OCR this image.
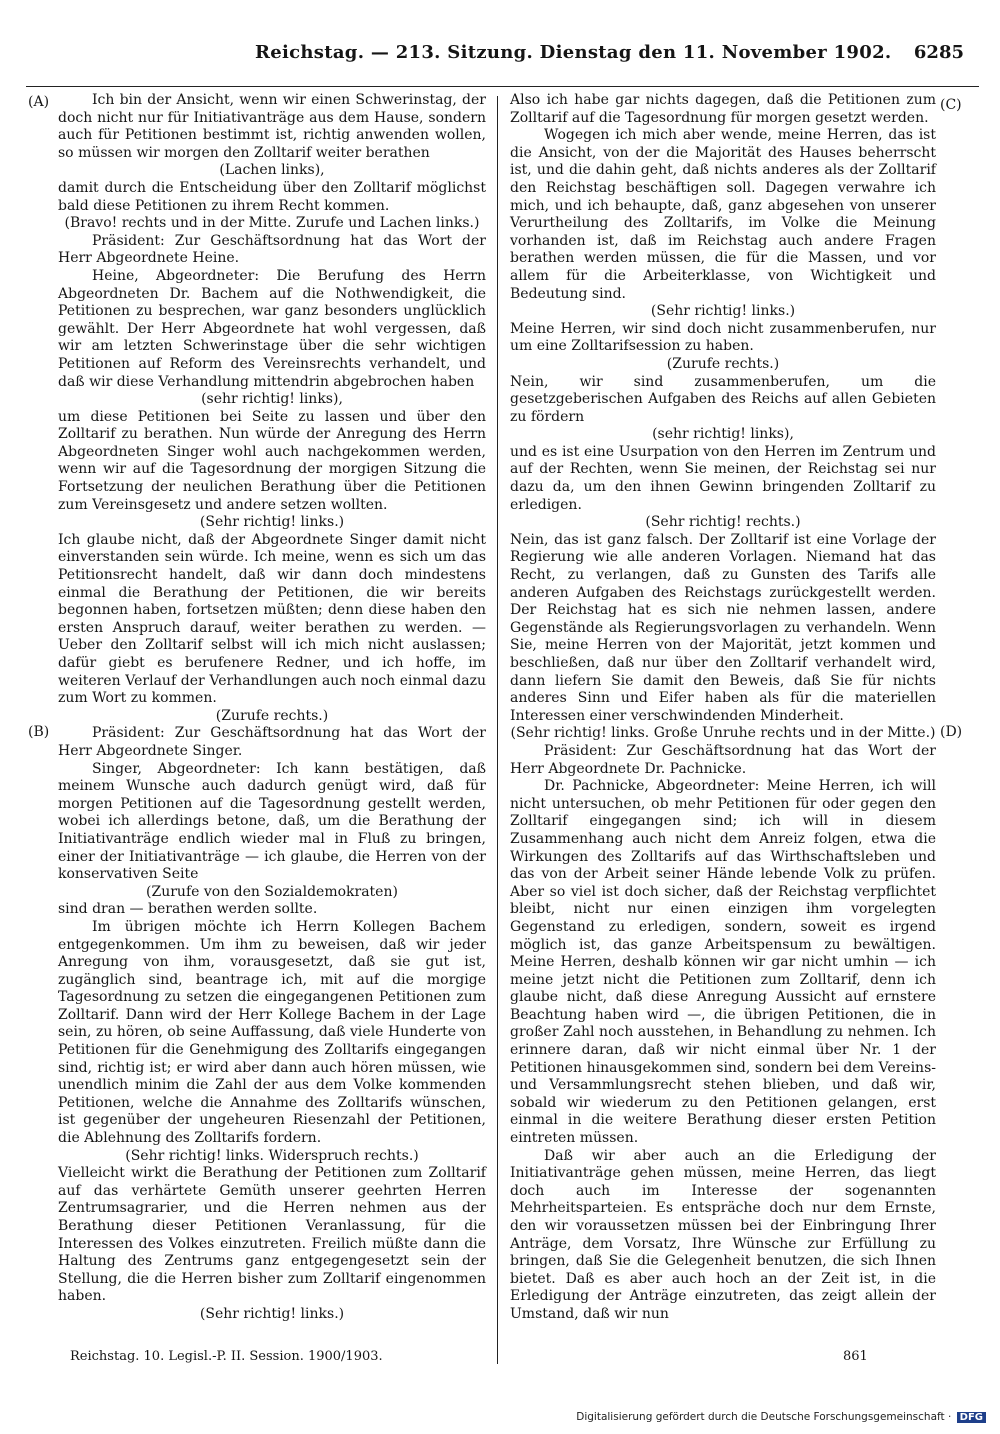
Reichstag. — 213. Sitzung. Dienstag den 11. November 1902. 6285
(A)
(B)
(C)
(D)

Ich bin der Ansicht, wenn wir einen Schwerinstag, der doch nicht nur für Initiativanträge aus dem Hause, sondern auch für Petitionen bestimmt ist, richtig anwenden wollen, so müssen wir morgen den Zolltarif weiter berathen

(Lachen links),

damit durch die Entscheidung über den Zolltarif möglichst bald diese Petitionen zu ihrem Recht kommen.

(Bravo! rechts und in der Mitte. Zurufe und Lachen links.)

Präsident: Zur Geschäftsordnung hat das Wort der Herr Abgeordnete Heine.

Heine, Abgeordneter: Die Berufung des Herrn Abgeordneten Dr. Bachem auf die Nothwendigkeit, die Petitionen zu besprechen, war ganz besonders unglücklich gewählt. Der Herr Abgeordnete hat wohl vergessen, daß wir am letzten Schwerinstage über die sehr wichtigen Petitionen auf Reform des Vereinsrechts verhandelt, und daß wir diese Verhandlung mittendrin abgebrochen haben

(sehr richtig! links),

um diese Petitionen bei Seite zu lassen und über den Zolltarif zu berathen. Nun würde der Anregung des Herrn Abgeordneten Singer wohl auch nachgekommen werden, wenn wir auf die Tagesordnung der morgigen Sitzung die Fortsetzung der neulichen Berathung über die Petitionen zum Vereinsgesetz und andere setzen wollten.

(Sehr richtig! links.)

Ich glaube nicht, daß der Abgeordnete Singer damit nicht einverstanden sein würde. Ich meine, wenn es sich um das Petitionsrecht handelt, daß wir dann doch mindestens einmal die Berathung der Petitionen, die wir bereits begonnen haben, fortsetzen müßten; denn diese haben den ersten Anspruch darauf, weiter berathen zu werden. — Ueber den Zolltarif selbst will ich mich nicht auslassen; dafür giebt es berufenere Redner, und ich hoffe, im weiteren Verlauf der Verhandlungen auch noch einmal dazu zum Wort zu kommen.

(Zurufe rechts.)

Präsident: Zur Geschäftsordnung hat das Wort der Herr Abgeordnete Singer.

Singer, Abgeordneter: Ich kann bestätigen, daß meinem Wunsche auch dadurch genügt wird, daß für morgen Petitionen auf die Tagesordnung gestellt werden, wobei ich allerdings betone, daß, um die Berathung der Initiativanträge endlich wieder mal in Fluß zu bringen, einer der Initiativanträge — ich glaube, die Herren von der konservativen Seite

(Zurufe von den Sozialdemokraten)

sind dran — berathen werden sollte.

Im übrigen möchte ich Herrn Kollegen Bachem entgegenkommen. Um ihm zu beweisen, daß wir jeder Anregung von ihm, vorausgesetzt, daß sie gut ist, zugänglich sind, beantrage ich, mit auf die morgige Tagesordnung zu setzen die eingegangenen Petitionen zum Zolltarif. Dann wird der Herr Kollege Bachem in der Lage sein, zu hören, ob seine Auffassung, daß viele Hunderte von Petitionen für die Genehmigung des Zolltarifs eingegangen sind, richtig ist; er wird aber dann auch hören müssen, wie unendlich minim die Zahl der aus dem Volke kommenden Petitionen, welche die Annahme des Zolltarifs wünschen, ist gegenüber der ungeheuren Riesenzahl der Petitionen, die Ablehnung des Zolltarifs fordern.

(Sehr richtig! links. Widerspruch rechts.)

Vielleicht wirkt die Berathung der Petitionen zum Zolltarif auf das verhärtete Gemüth unserer geehrten Herren Zentrumsagrarier, und die Herren nehmen aus der Berathung dieser Petitionen Veranlassung, für die Interessen des Volkes einzutreten. Freilich müßte dann die Haltung des Zentrums ganz entgegengesetzt sein der Stellung, die die Herren bisher zum Zolltarif eingenommen haben.

(Sehr richtig! links.)

Also ich habe gar nichts dagegen, daß die Petitionen zum Zolltarif auf die Tagesordnung für morgen gesetzt werden.

Wogegen ich mich aber wende, meine Herren, das ist die Ansicht, von der die Majorität des Hauses beherrscht ist, und die dahin geht, daß nichts anderes als der Zolltarif den Reichstag beschäftigen soll. Dagegen verwahre ich mich, und ich behaupte, daß, ganz abgesehen von unserer Verurtheilung des Zolltarifs, im Volke die Meinung vorhanden ist, daß im Reichstag auch andere Fragen berathen werden müssen, die für die Massen, und vor allem für die Arbeiterklasse, von Wichtigkeit und Bedeutung sind.

(Sehr richtig! links.)

Meine Herren, wir sind doch nicht zusammenberufen, nur um eine Zolltarifsession zu haben.

(Zurufe rechts.)

Nein, wir sind zusammenberufen, um die gesetzgeberischen Aufgaben des Reichs auf allen Gebieten zu fördern

(sehr richtig! links),

und es ist eine Usurpation von den Herren im Zentrum und auf der Rechten, wenn Sie meinen, der Reichstag sei nur dazu da, um den ihnen Gewinn bringenden Zolltarif zu erledigen.

(Sehr richtig! rechts.)

Nein, das ist ganz falsch. Der Zolltarif ist eine Vorlage der Regierung wie alle anderen Vorlagen. Niemand hat das Recht, zu verlangen, daß zu Gunsten des Tarifs alle anderen Aufgaben des Reichstags zurückgestellt werden. Der Reichstag hat es sich nie nehmen lassen, andere Gegenstände als Regierungsvorlagen zu verhandeln. Wenn Sie, meine Herren von der Majorität, jetzt kommen und beschließen, daß nur über den Zolltarif verhandelt wird, dann liefern Sie damit den Beweis, daß Sie für nichts anderes Sinn und Eifer haben als für die materiellen Interessen einer verschwindenden Minderheit.

(Sehr richtig! links. Große Unruhe rechts und in der Mitte.)

Präsident: Zur Geschäftsordnung hat das Wort der Herr Abgeordnete Dr. Pachnicke.

Dr. Pachnicke, Abgeordneter: Meine Herren, ich will nicht untersuchen, ob mehr Petitionen für oder gegen den Zolltarif eingegangen sind; ich will in diesem Zusammenhang auch nicht dem Anreiz folgen, etwa die Wirkungen des Zolltarifs auf das Wirthschaftsleben und das von der Arbeit seiner Hände lebende Volk zu prüfen. Aber so viel ist doch sicher, daß der Reichstag verpflichtet bleibt, nicht nur einen einzigen ihm vorgelegten Gegenstand zu erledigen, sondern, soweit es irgend möglich ist, das ganze Arbeitspensum zu bewältigen. Meine Herren, deshalb können wir gar nicht umhin — ich meine jetzt nicht die Petitionen zum Zolltarif, denn ich glaube nicht, daß diese Anregung Aussicht auf ernstere Beachtung haben wird —, die übrigen Petitionen, die in großer Zahl noch ausstehen, in Behandlung zu nehmen. Ich erinnere daran, daß wir nicht einmal über Nr. 1 der Petitionen hinausgekommen sind, sondern bei dem Vereins- und Versammlungsrecht stehen blieben, und daß wir, sobald wir wiederum zu den Petitionen gelangen, erst einmal in die weitere Berathung dieser ersten Petition eintreten müssen.

Daß wir aber auch an die Erledigung der Initiativanträge gehen müssen, meine Herren, das liegt doch auch im Interesse der sogenannten Mehrheitsparteien. Es entspräche doch nur dem Ernste, den wir voraussetzen müssen bei der Einbringung Ihrer Anträge, dem Vorsatz, Ihre Wünsche zur Erfüllung zu bringen, daß Sie die Gelegenheit benutzen, die sich Ihnen bietet. Daß es aber auch hoch an der Zeit ist, in die Erledigung der Anträge einzutreten, das zeigt allein der Umstand, daß wir nun

Reichstag. 10. Legisl.-P. II. Session. 1900/1903.	861
Digitalisierung gefördert durch die Deutsche Forschungsgemeinschaft · DFG
